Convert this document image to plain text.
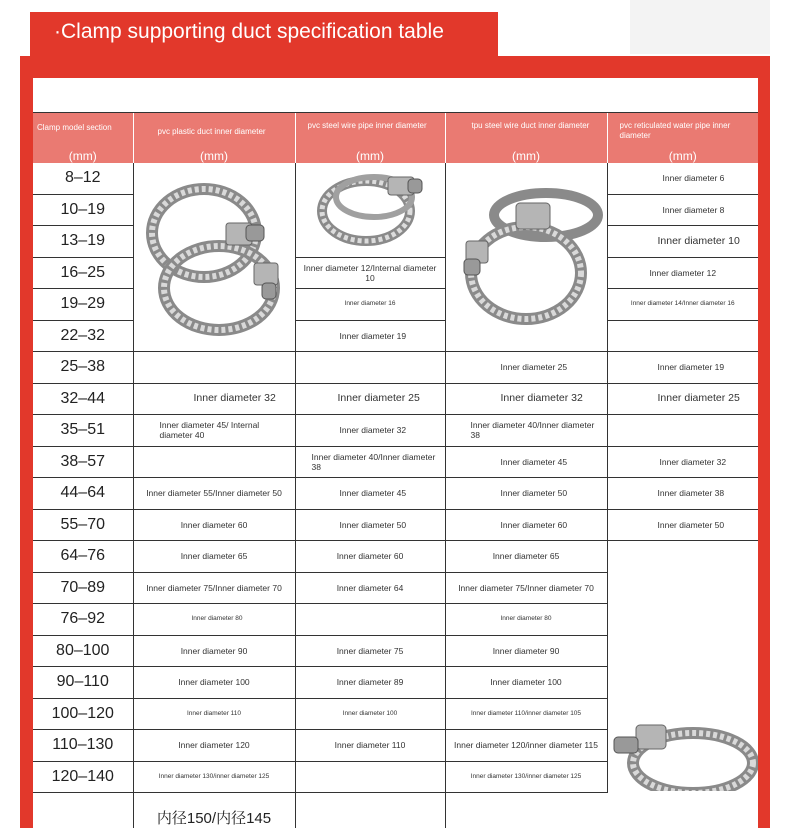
·Clamp supporting duct specification table
Clamp model section
(mm)	pvc plastic duct inner diameter
(mm)	pvc steel wire pipe inner diameter
(mm)	tpu steel wire duct inner diameter
(mm)	pvc reticulated water pipe inner diameter
(mm)

8–12				Inner diameter 6

10–19				Inner diameter 8

13–19				Inner diameter 10

16–25		Inner diameter 12/Internal diameter 10		Inner diameter 12

19–29		Inner diameter 16		Inner diameter 14/Inner diameter 16

22–32		Inner diameter 19		

25–38			Inner diameter 25	Inner diameter 19

32–44	Inner diameter 32	Inner diameter 25	Inner diameter 32	Inner diameter 25

35–51	Inner diameter 45/ Internal diameter 40	Inner diameter 32	Inner diameter 40/Inner diameter 38	

38–57		Inner diameter 40/Inner diameter 38	Inner diameter 45	Inner diameter 32

44–64	Inner diameter 55/Inner diameter 50	Inner diameter 45	Inner diameter 50	Inner diameter 38

55–70	Inner diameter 60	Inner diameter 50	Inner diameter 60	Inner diameter 50

64–76	Inner diameter 65	Inner diameter 60	Inner diameter 65

70–89	Inner diameter 75/Inner diameter 70	Inner diameter 64	Inner diameter 75/Inner diameter 70	

76–92	Inner diameter 80		Inner diameter 80	

80–100	Inner diameter 90	Inner diameter 75	Inner diameter 90	

90–110	Inner diameter 100	Inner diameter 89	Inner diameter 100	

100–120	Inner diameter 110	Inner diameter 100	Inner diameter 110/inner diameter 105	

110–130	Inner diameter 120	Inner diameter 110	Inner diameter 120/inner diameter 115	

120–140	Inner diameter 130/inner diameter 125		Inner diameter 130/inner diameter 125	

	内径150/内径145			
